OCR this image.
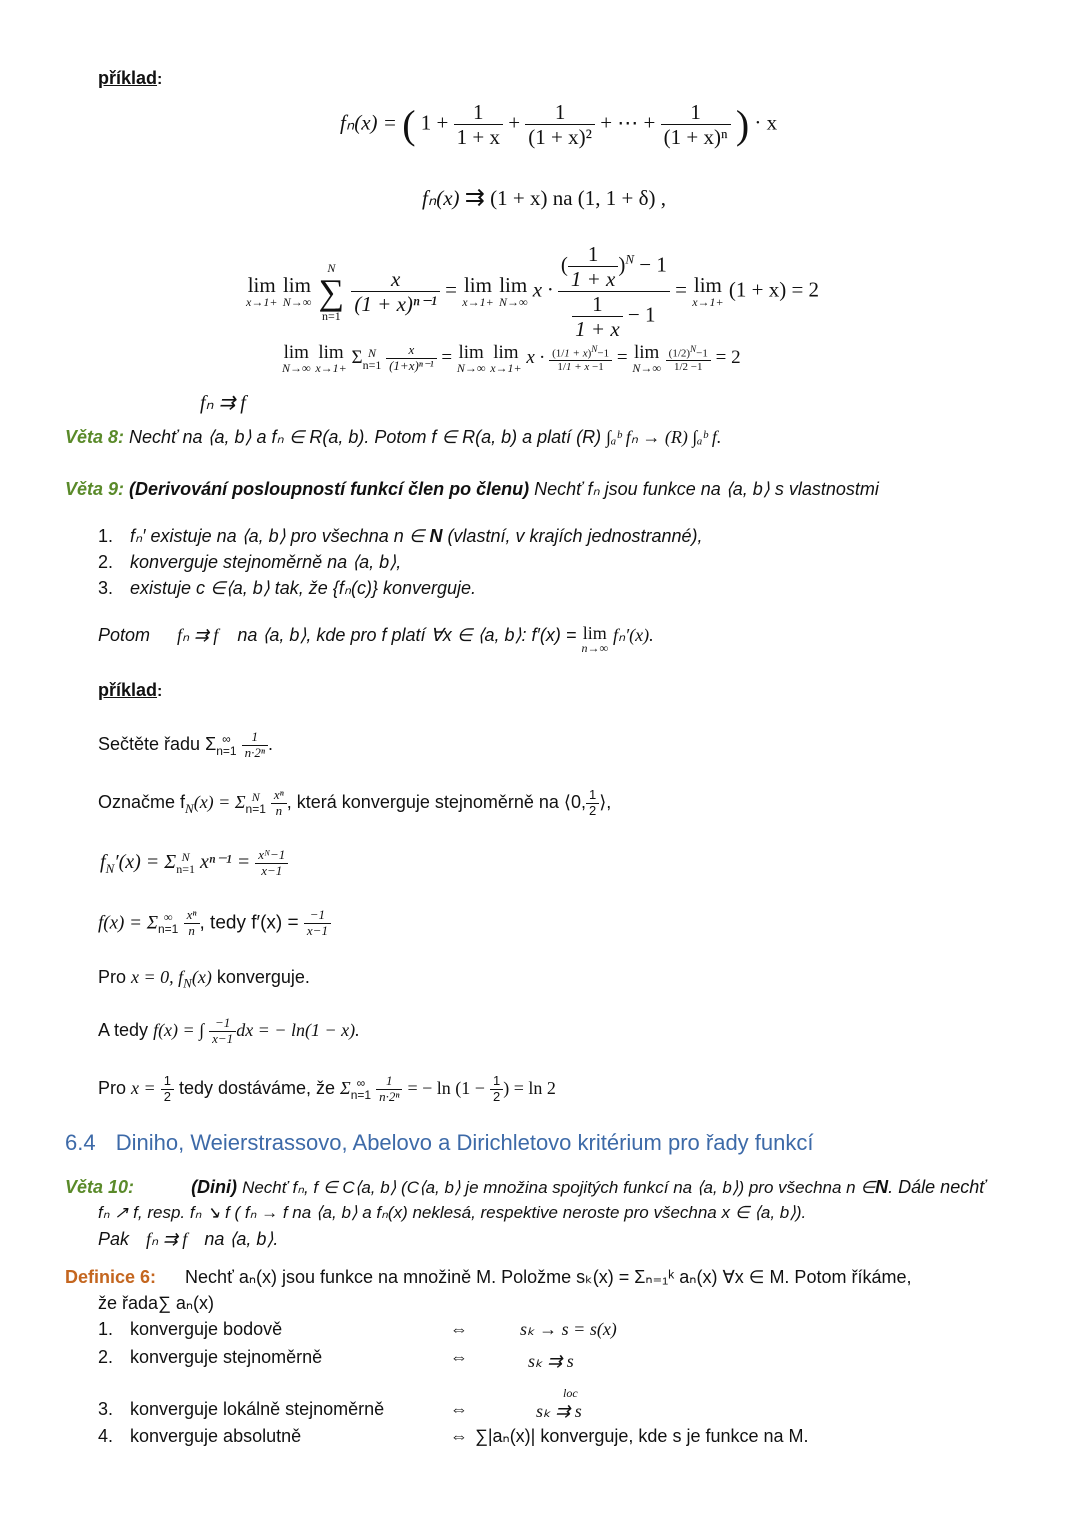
příklad:
fₙ(x) = ( $1 + \frac{1}{1 + x} + \frac{1}{\text{(1 + x)²}}$ + ⋯ + $\frac{1}{\text{(1 + x)ⁿ}}$ ) · x
fₙ(x) ⇉ (1 + x) na (1, 1 + δ) ,
lim
x→1+

lim
N→∞

N
∑
n=1
$\frac{x}{\text{(1 + x)ⁿ⁻¹}} = \lim$
x→1+

lim
N→∞
$x \cdot \frac{( \frac{1}{1 + x} )^N - 1}{\frac{1}{1 + x} - 1} = \lim$
x→1+
(1 + x) = 2
lim
N→∞

lim
x→1+
Σ N
n=1
$\frac{x}{\text{(1+x)ⁿ⁻¹}} = \lim$
N→∞

lim
x→1+
$x \cdot \frac{(1/1 + x)^N-1}{1/1 + x -1} = \lim$
N→∞
$\frac{(1/2)^N-1}{1/2 -1} = 2$
fₙ ⇉ f
Věta 8: Nechť na ⟨a, b⟩ a fₙ ∈ R(a, b). Potom f ∈ R(a, b) a platí (R) ∫ₐᵇ fₙ → (R) ∫ₐᵇ f.
Věta 9: (Derivování posloupností funkcí člen po členu) Nechť fₙ jsou funkce na ⟨a, b⟩ s vlastnostmi
1. fₙ′ existuje na ⟨a, b⟩ pro všechna n ∈ N (vlastní, v krajích jednostranné),
2. konverguje stejnoměrně na ⟨a, b⟩,
3. existuje c ∈⟨a, b⟩ tak, že {fₙ(c)} konverguje.
Potom fₙ ⇉ f na ⟨a, b⟩, kde pro f platí ∀x ∈ ⟨a, b⟩: f′(x) = lim
n→∞
fₙ′(x).
příklad:
Sečtěte řadu Σ ∞
n=1
$\frac{1}{\text{n·2ⁿ}}$ .
Označme $f_N(x) = \Sigma$ N
n=1
$\frac{\text{xⁿ}}{n}$ , která konverguje stejnoměrně na ⟨0, $\frac{1}{2}$ ⟩,
$f_N'(x) = \Sigma$ N
n=1 $x^{n-1} = \frac{\text{xᴺ−1}}{x-1}$
f(x) = Σ ∞
n=1
$\frac{\text{xⁿ}}{n}$ , tedy $f'(x) = \frac{-1}{x-1}$
Pro x = 0, $f_N(x)$ konverguje.
A tedy f(x) = ∫ $\frac{-1}{x-1}$ dx = − ln(1 − x).
Pro $x = \frac{1}{2}$ tedy dostáváme, že Σ ∞
n=1
$\frac{1}{\text{n·2ⁿ}}$ = − $\ln (1 - \frac{1}{2}$ ) = ln 2
6.4 Diniho, Weierstrassovo, Abelovo a Dirichletovo kritérium pro řady funkcí
Věta 10:	(Dini) Nechť fₙ, f ∈ C⟨a, b⟩ (C⟨a, b⟩ je množina spojitých funkcí na ⟨a, b⟩) pro všechna n ∈N. Dále nechť
fₙ ↗ f, resp. fₙ ↘ f ( fₙ → f na ⟨a, b⟩ a fₙ(x) neklesá, respektive neroste pro všechna x ∈ ⟨a, b⟩).
Pak fₙ ⇉ f na ⟨a, b⟩.
Definice 6: Nechť aₙ(x) jsou funkce na množině M. Položme sₖ(x) = Σₙ₌₁ᵏ aₙ(x) ∀x ∈ M. Potom říkáme,
že řada∑ aₙ(x)
1. konverguje bodově	⇔	sₖ → s = s(x)
2. konverguje stejnoměrně	⇔	sₖ ⇉ s
3. konverguje lokálně stejnoměrně	⇔
loc
sₖ ⇉ s
4. konverguje absolutně	⇔ ∑|aₙ(x)| konverguje, kde s je funkce na M.
